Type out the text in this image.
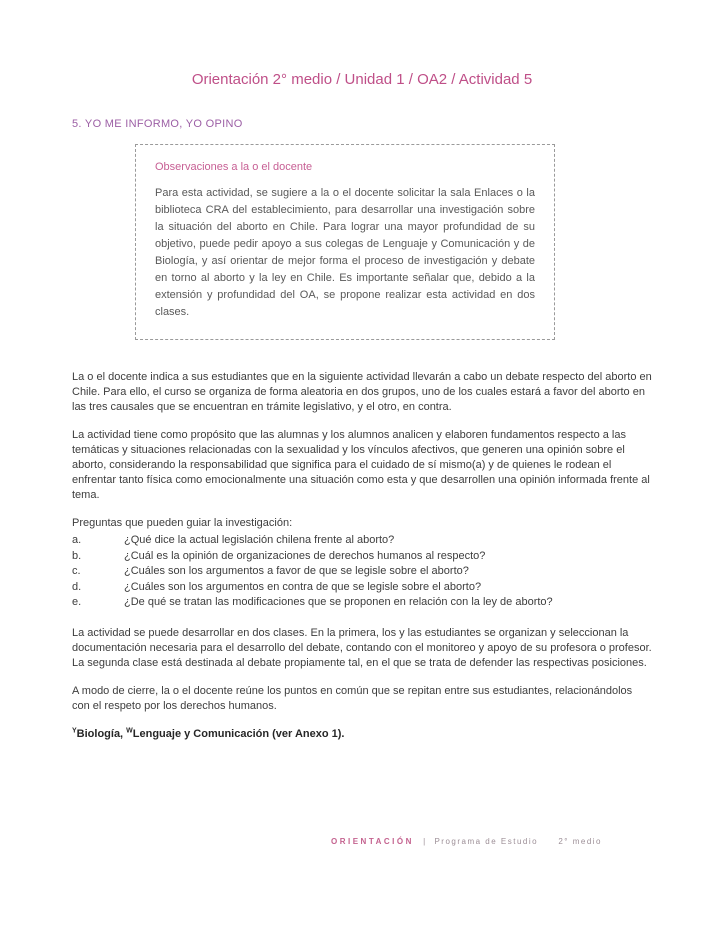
Orientación 2° medio / Unidad 1 / OA2 / Actividad 5
5. YO ME INFORMO, YO OPINO

Observaciones a la o el docente

Para esta actividad, se sugiere a la o el docente solicitar la sala Enlaces o la biblioteca CRA del establecimiento, para desarrollar una investigación sobre la situación del aborto en Chile. Para lograr una mayor profundidad de su objetivo, puede pedir apoyo a sus colegas de Lenguaje y Comunicación y de Biología, y así orientar de mejor forma el proceso de investigación y debate en torno al aborto y la ley en Chile. Es importante señalar que, debido a la extensión y profundidad del OA, se propone realizar esta actividad en dos clases.

La o el docente indica a sus estudiantes que en la siguiente actividad llevarán a cabo un debate respecto del aborto en Chile. Para ello, el curso se organiza de forma aleatoria en dos grupos, uno de los cuales estará a favor del aborto en las tres causales que se encuentran en trámite legislativo, y el otro, en contra.

La actividad tiene como propósito que las alumnas y los alumnos analicen y elaboren fundamentos respecto a las temáticas y situaciones relacionadas con la sexualidad y los vínculos afectivos, que generen una opinión sobre el aborto, considerando la responsabilidad que significa para el cuidado de sí mismo(a) y de quienes le rodean el enfrentar tanto física como emocionalmente una situación como esta y que desarrollen una opinión informada frente al tema.

Preguntas que pueden guiar la investigación:

a.	¿Qué dice la actual legislación chilena frente al aborto?
b.	¿Cuál es la opinión de organizaciones de derechos humanos al respecto?
c.	¿Cuáles son los argumentos a favor de que se legisle sobre el aborto?
d.	¿Cuáles son los argumentos en contra de que se legisle sobre el aborto?
e.	¿De qué se tratan las modificaciones que se proponen en relación con la ley de aborto?

La actividad se puede desarrollar en dos clases. En la primera, los y las estudiantes se organizan y seleccionan la documentación necesaria para el desarrollo del debate, contando con el monitoreo y apoyo de su profesora o profesor. La segunda clase está destinada al debate propiamente tal, en el que se trata de defender las respectivas posiciones.

A modo de cierre, la o el docente reúne los puntos en común que se repitan entre sus estudiantes, relacionándolos con el respeto por los derechos humanos.

$^Y$Biología, $^W$Lenguaje y Comunicación (ver Anexo 1).

ORIENTACIÓN | Programa de Estudio	2° medio
